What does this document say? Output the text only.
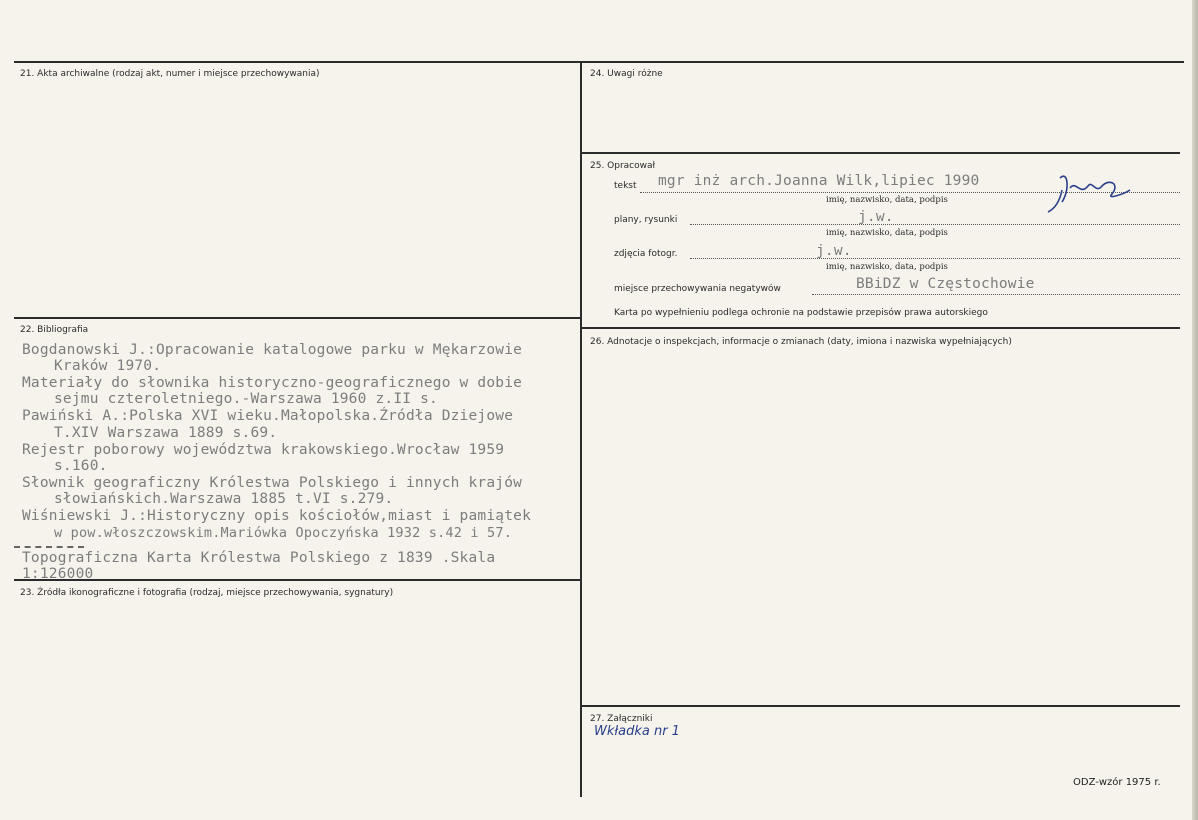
21. Akta archiwalne (rodzaj akt, numer i miejsce przechowywania)
22. Bibliografia
Bogdanowski J.:Opracowanie katalogowe parku w Mękarzowie
Kraków 1970.
Materiały do słownika historyczno-geograficznego w dobie
sejmu czteroletniego.-Warszawa 1960 z.II s.
Pawiński A.:Polska XVI wieku.Małopolska.Źródła Dziejowe
T.XIV Warszawa 1889 s.69.
Rejestr poborowy województwa krakowskiego.Wrocław 1959
s.160.
Słownik geograficzny Królestwa Polskiego i innych krajów
słowiańskich.Warszawa 1885 t.VI s.279.
Wiśniewski J.:Historyczny opis kościołów,miast i pamiątek
w pow.włoszczowskim.Mariówka Opoczyńska 1932 s.42 i 57.
Topograficzna Karta Królestwa Polskiego z 1839 .Skala
1:126000
23. Źródła ikonograficzne i fotografia (rodzaj, miejsce przechowywania, sygnatury)
24. Uwagi różne
25. Opracował
tekst mgr inż arch.Joanna Wilk,lipiec 1990
imię, nazwisko, data, podpis
plany, rysunki	j.w.
imię, nazwisko, data, podpis
zdjęcia fotogr.	j.w.
imię, nazwisko, data, podpis
miejsce przechowywania negatywów	BBiDZ w Częstochowie
Karta po wypełnieniu podlega ochronie na podstawie przepisów prawa autorskiego
26. Adnotacje o inspekcjach, informacje o zmianach (daty, imiona i nazwiska wypełniających)
27. Załączniki
Wkładka nr 1
ODZ-wzór 1975 r.
